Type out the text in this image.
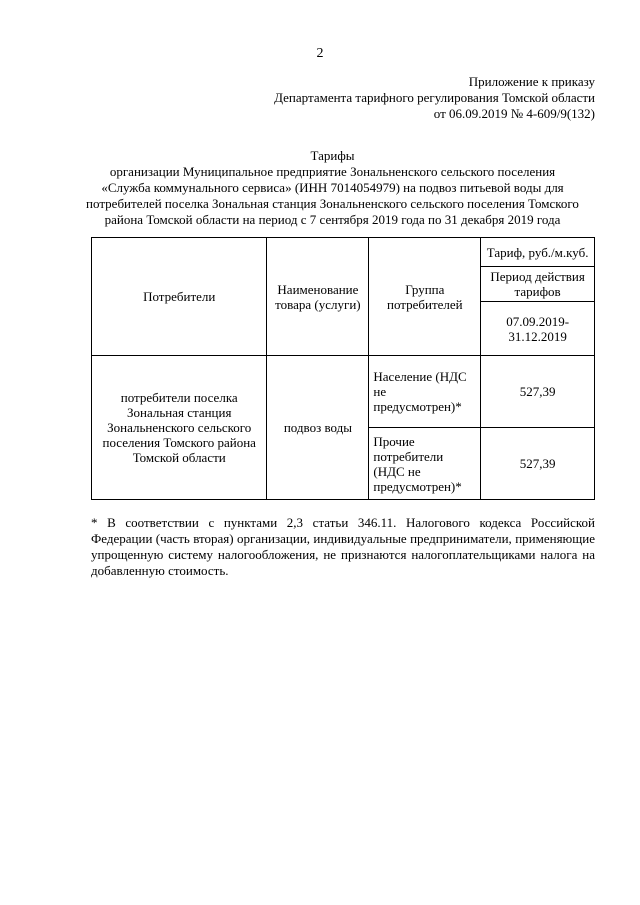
2
Приложение к приказу
Департамента тарифного регулирования Томской области
от 06.09.2019 № 4-609/9(132)
Тарифы
организации Муниципальное предприятие Зональненского сельского поселения
«Служба коммунального сервиса» (ИНН 7014054979) на подвоз питьевой воды для
потребителей поселка Зональная станция Зональненского сельского поселения Томского
района Томской области на период с 7 сентября 2019 года по 31 декабря 2019 года
Потребители	Наименование товара (услуги)	Группа потребителей	Тариф, руб./м.куб.
			Период действия тарифов
			07.09.2019-31.12.2019
потребители поселка Зональная станция Зональненского сельского поселения Томского района Томской области	подвоз воды	Население (НДС не предусмотрен)*	527,39
		Прочие потребители (НДС не предусмотрен)*	527,39
* В соответствии с пунктами 2,3 статьи 346.11. Налогового кодекса Российской Федерации (часть вторая) организации, индивидуальные предприниматели, применяющие упрощенную систему налогообложения, не признаются налогоплательщиками налога на добавленную стоимость.
